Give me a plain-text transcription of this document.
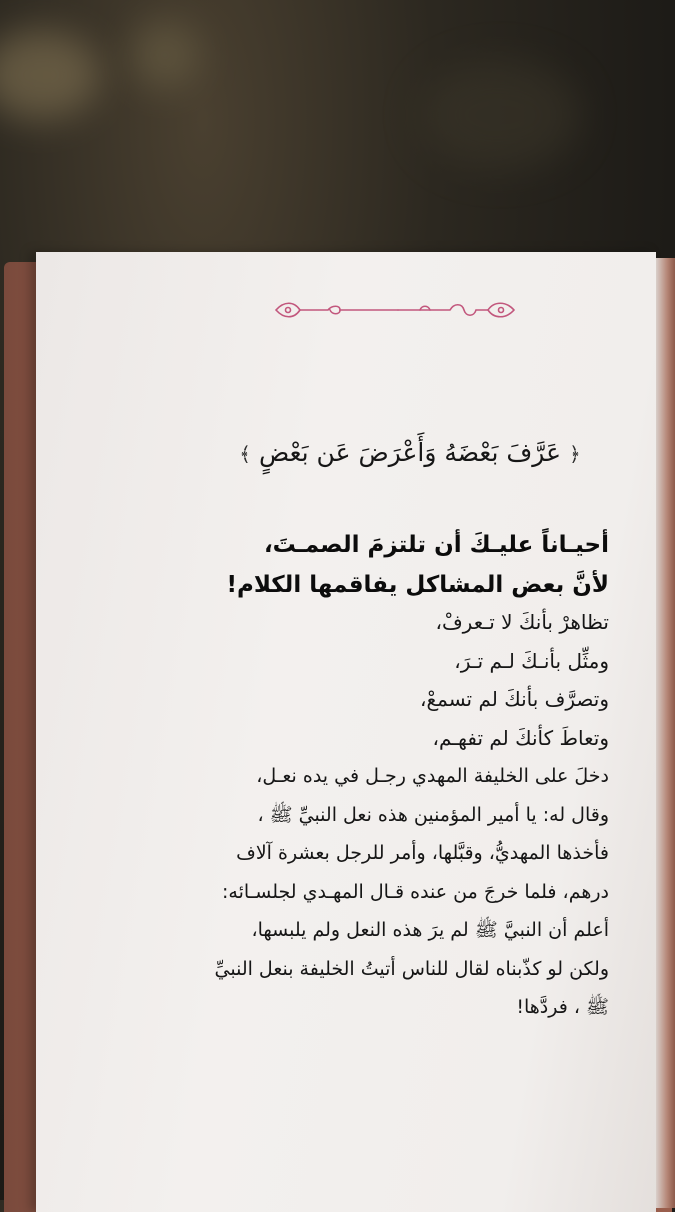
﴿ عَرَّفَ بَعْضَهُ وَأَعْرَضَ عَن بَعْضٍ ﴾

أحيـاناً عليـكَ أن تلتزمَ الصمـتَ،

لأنَّ بعض المشاكل يفاقمها الكلام!

تظاهرْ بأنكَ لا تـعرفْ،

ومثِّل بأنـكَ لـم تـرَ،

وتصرَّف بأنكَ لم تسمعْ،

وتعاطَ كأنكَ لم تفهـم،

دخلَ على الخليفة المهدي رجـل في يده نعـل،

وقال له: يا أمير المؤمنين هذه نعل النبيِّ ﷺ ،

فأخذها المهديُّ، وقبَّلها، وأمر للرجل بعشرة آلاف

درهم، فلما خرجَ من عنده قـال المهـدي لجلسـائه:

أعلم أن النبيَّ ﷺ لم يرَ هذه النعل ولم يلبسها،

ولكن لو كذّبناه لقال للناس أتيتُ الخليفة بنعل النبيِّ

ﷺ ، فردَّها!
